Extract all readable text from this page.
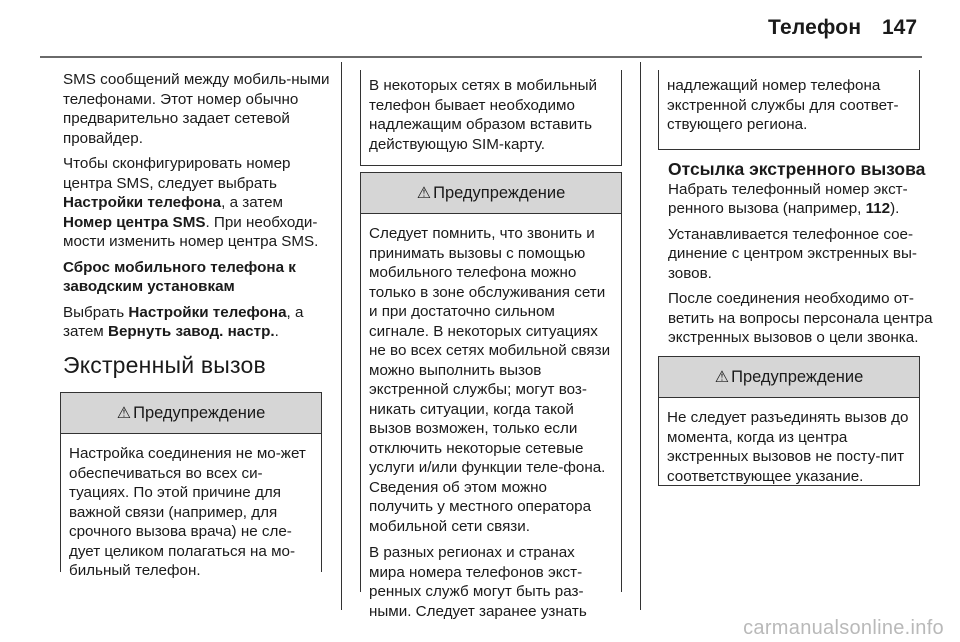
Телефон 147

SMS сообщений между мобиль-ными телефонами. Этот номер обычно предварительно задает сетевой провайдер.

Чтобы сконфигурировать номер центра SMS, следует выбрать Настройки телефона, а затем Номер центра SMS. При необходи-мости изменить номер центра SMS.

Сброс мобильного телефона к заводским установкам

Выбрать Настройки телефона, а затем Вернуть завод. настр..

Экстренный вызов
⚠ Предупреждение
Настройка соединения не мо-жет обеспечиваться во всех си-туациях. По этой причине для важной связи (например, для срочного вызова врача) не сле-дует целиком полагаться на мо-бильный телефон.
В некоторых сетях в мобильный телефон бывает необходимо надлежащим образом вставить действующую SIM-карту.
⚠ Предупреждение

Следует помнить, что звонить и принимать вызовы с помощью мобильного телефона можно только в зоне обслуживания сети и при достаточно сильном сигнале. В некоторых ситуациях не во всех сетях мобильной связи можно выполнить вызов экстренной службы; могут воз-никать ситуации, когда такой вызов возможен, только если отключить некоторые сетевые услуги и/или функции теле-фона. Сведения об этом можно получить у местного оператора мобильной сети связи.

В разных регионах и странах мира номера телефонов экст-ренных служб могут быть раз-ными. Следует заранее узнать

надлежащий номер телефона экстренной службы для соответ-ствующего региона.
Отсылка экстренного вызова

Набрать телефонный номер экст-ренного вызова (например, 112).

Устанавливается телефонное сое-динение с центром экстренных вы-зовов.

После соединения необходимо от-ветить на вопросы персонала центра экстренных вызовов о цели звонка.

⚠ Предупреждение
Не следует разъединять вызов до момента, когда из центра экстренных вызовов не посту-пит соответствующее указание.
carmanualsonline.info
